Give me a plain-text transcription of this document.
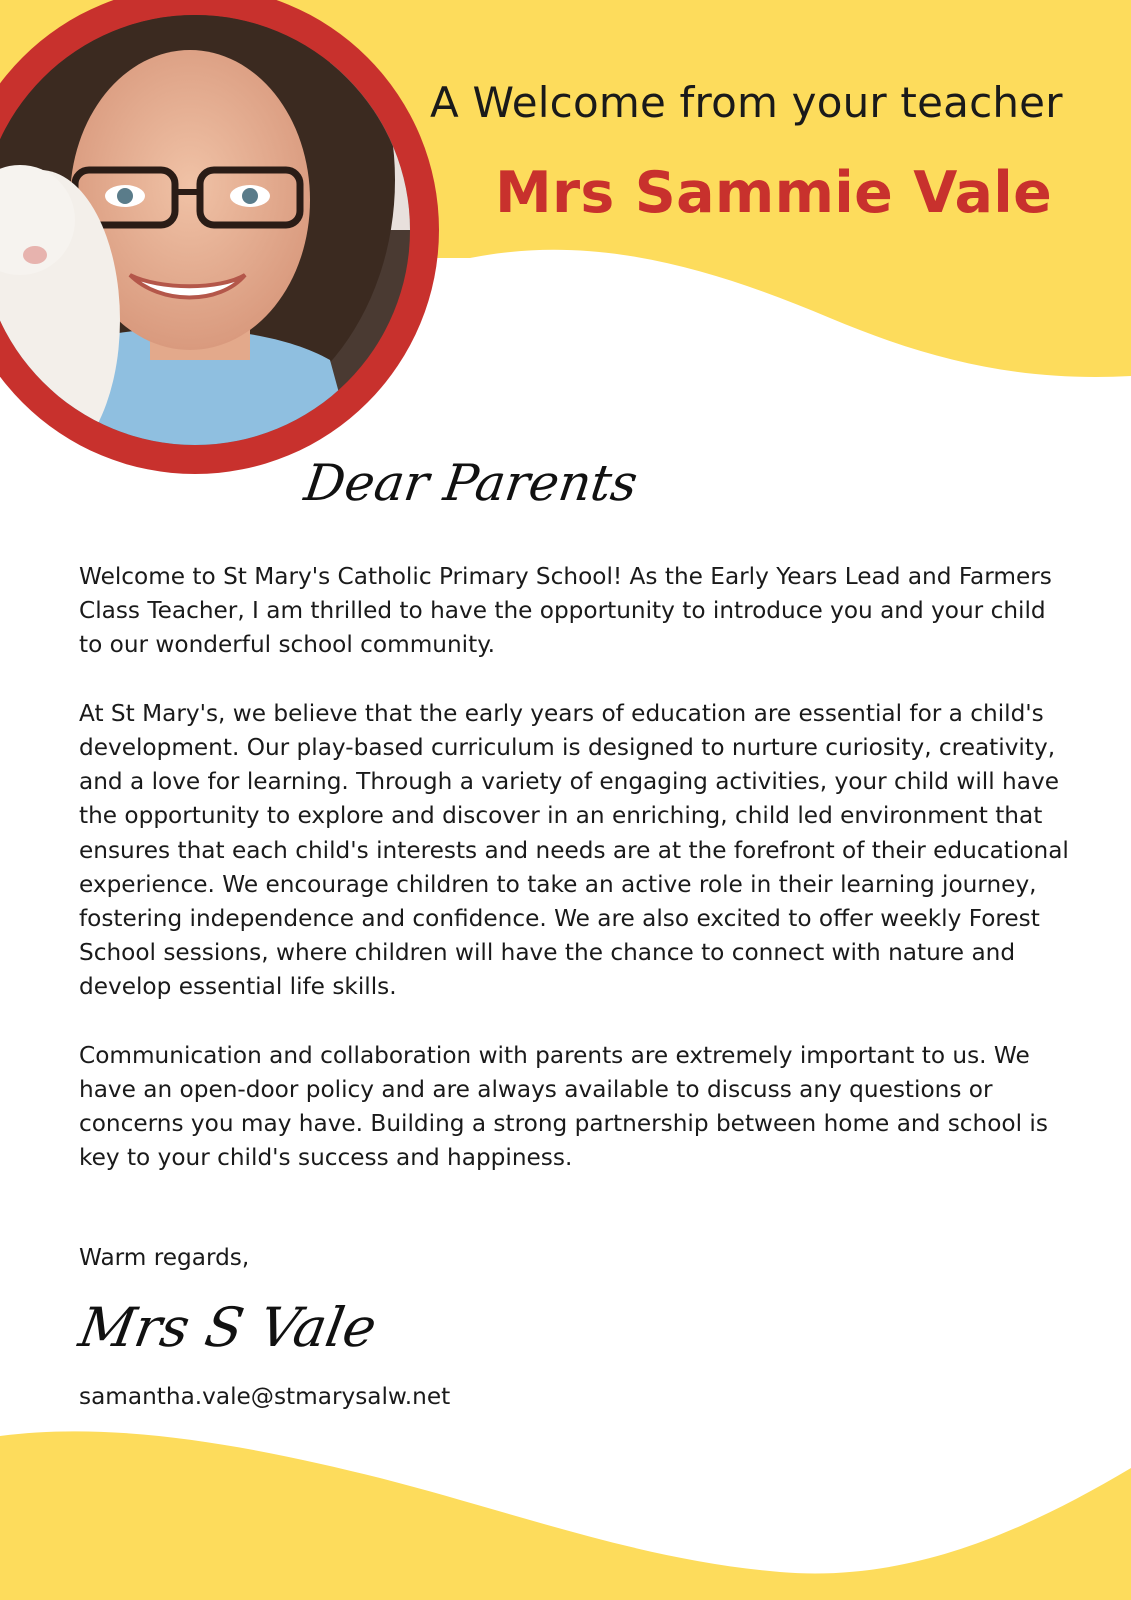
A Welcome from your teacher
Mrs Sammie Vale
Dear Parents

Welcome to St Mary's Catholic Primary School! As the Early Years Lead and Farmers Class Teacher, I am thrilled to have the opportunity to introduce you and your child to our wonderful school community.

At St Mary's, we believe that the early years of education are essential for a child's development. Our play-based curriculum is designed to nurture curiosity, creativity, and a love for learning. Through a variety of engaging activities, your child will have the opportunity to explore and discover in an enriching, child led environment that ensures that each child's interests and needs are at the forefront of their educational experience. We encourage children to take an active role in their learning journey, fostering independence and confidence. We are also excited to offer weekly Forest School sessions, where children will have the chance to connect with nature and develop essential life skills.

Communication and collaboration with parents are extremely important to us. We have an open-door policy and are always available to discuss any questions or concerns you may have. Building a strong partnership between home and school is key to your child's success and happiness.

Warm regards,
Mrs S Vale
samantha.vale@stmarysalw.net
